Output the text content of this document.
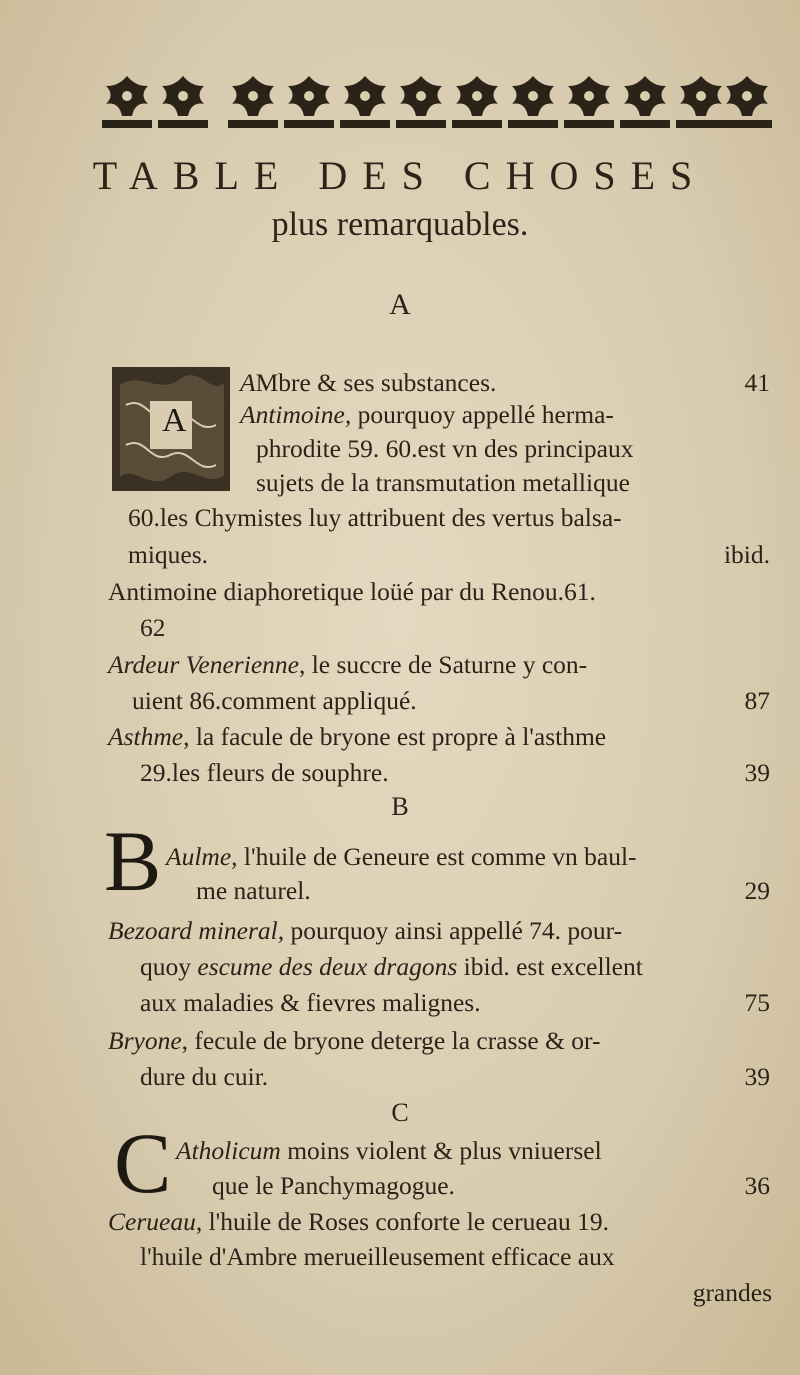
TABLE DES CHOSES
plus remarquables.
A
A
AMbre & ses substances.	41
Antimoine, pourquoy appellé herma-
phrodite 59. 60.est vn des principaux
sujets de la transmutation metallique
60.les Chymistes luy attribuent des vertus balsa-
miques.	ibid.
Antimoine diaphoretique loüé par du Renou.61.
62
Ardeur Venerienne, le succre de Saturne y con-
uient 86.comment appliqué.	87
Asthme, la facule de bryone est propre à l'asthme
29.les fleurs de souphre.	39
B
B Aulme, l'huile de Geneure est comme vn baul-
me naturel.	29
Bezoard mineral, pourquoy ainsi appellé 74. pour-
quoy escume des deux dragons ibid. est excellent
aux maladies & fievres malignes.	75
Bryone, fecule de bryone deterge la crasse & or-
dure du cuir.	39
C
C Atholicum moins violent & plus vniuersel
que le Panchymagogue.	36
Cerueau, l'huile de Roses conforte le cerueau 19.
l'huile d'Ambre merueilleusement efficace aux
grandes
